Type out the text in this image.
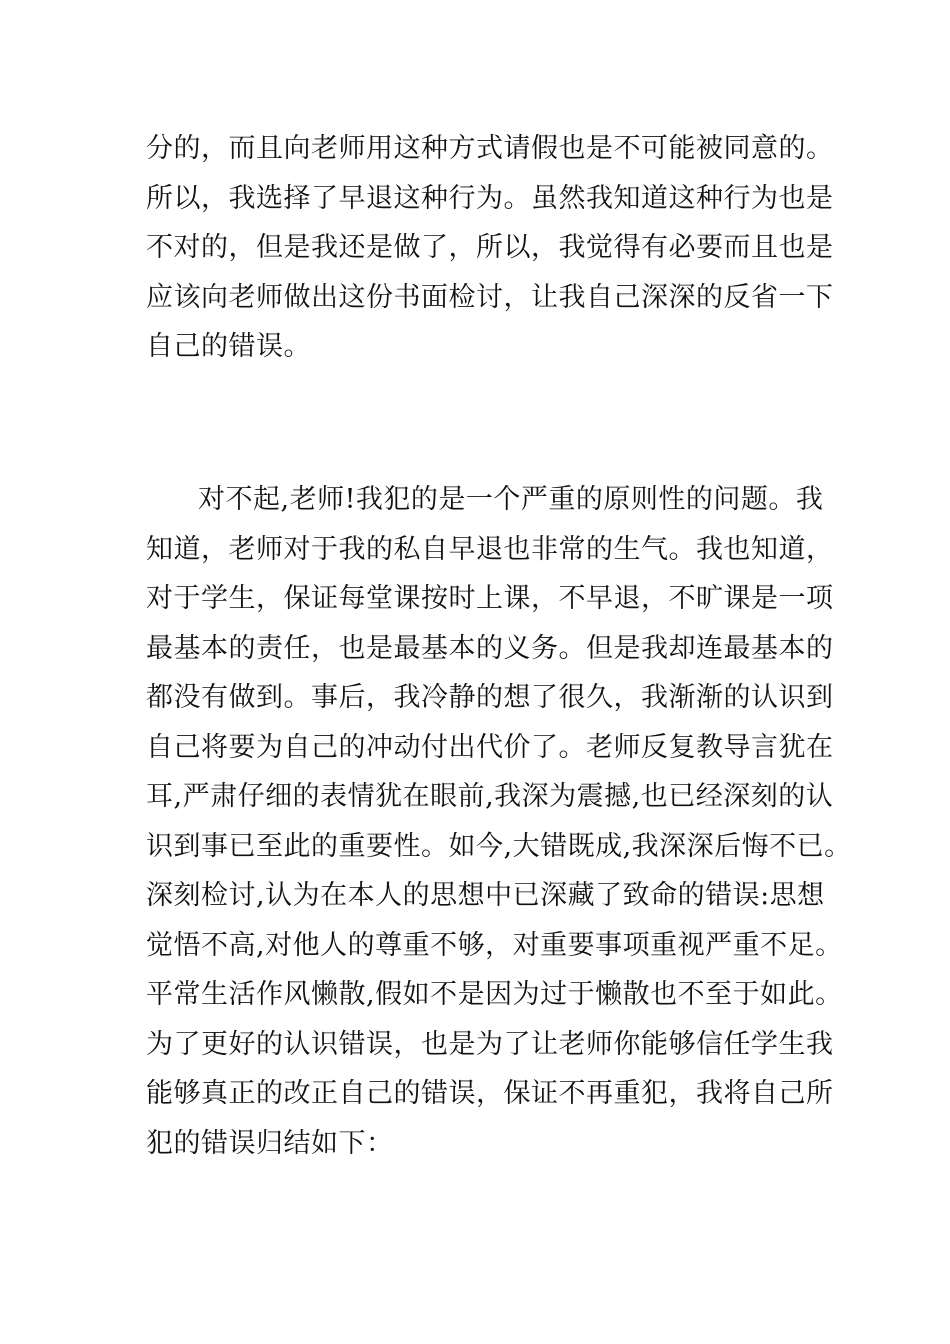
分的，而且向老师用这种方式请假也是不可能被同意的。
所以，我选择了早退这种行为。虽然我知道这种行为也是
不对的，但是我还是做了，所以，我觉得有必要而且也是
应该向老师做出这份书面检讨，让我自己深深的反省一下
自己的错误。
对不起,老师!我犯的是一个严重的原则性的问题。我
知道，老师对于我的私自早退也非常的生气。我也知道，
对于学生，保证每堂课按时上课，不早退，不旷课是一项
最基本的责任，也是最基本的义务。但是我却连最基本的
都没有做到。事后，我冷静的想了很久，我渐渐的认识到
自己将要为自己的冲动付出代价了。老师反复教导言犹在
耳,严肃仔细的表情犹在眼前,我深为震撼,也已经深刻的认
识到事已至此的重要性。如今,大错既成,我深深后悔不已。
深刻检讨,认为在本人的思想中已深藏了致命的错误:思想
觉悟不高,对他人的尊重不够，对重要事项重视严重不足。
平常生活作风懒散,假如不是因为过于懒散也不至于如此。
为了更好的认识错误，也是为了让老师你能够信任学生我
能够真正的改正自己的错误，保证不再重犯，我将自己所
犯的错误归结如下：
